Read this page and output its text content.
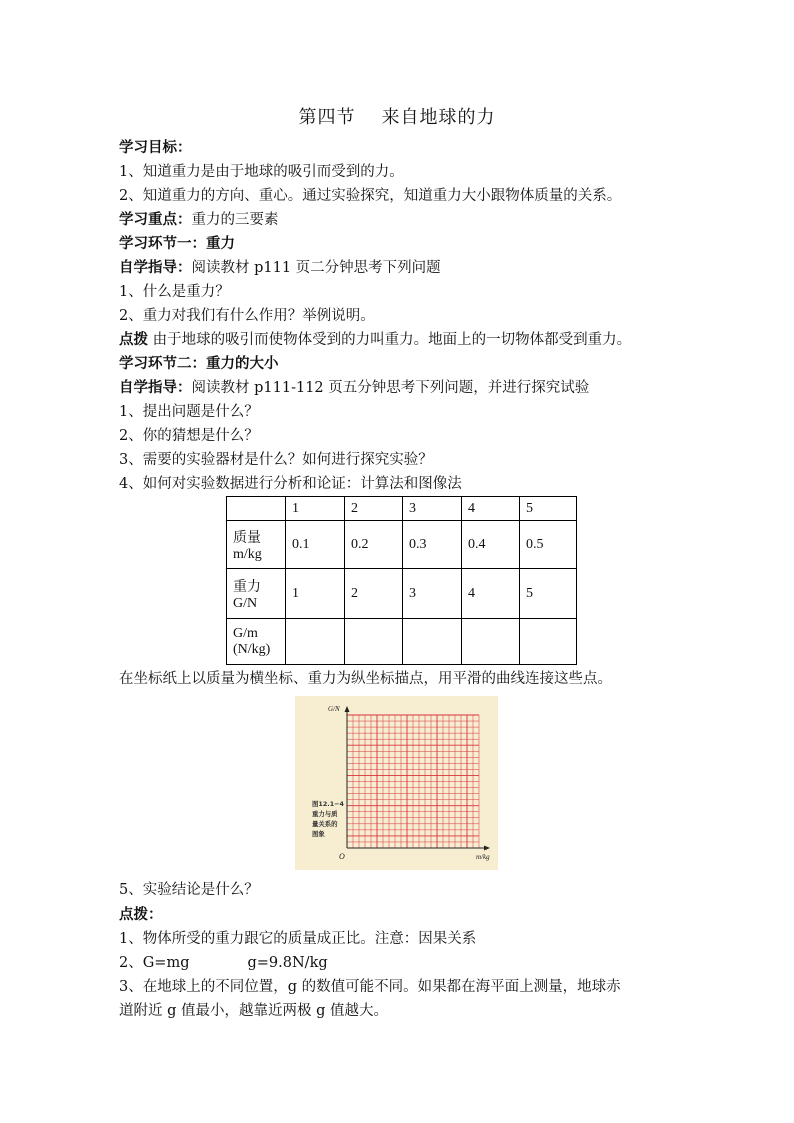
第四节 来自地球的力
学习目标：
1、知道重力是由于地球的吸引而受到的力。
2、知道重力的方向、重心。通过实验探究，知道重力大小跟物体质量的关系。
学习重点：重力的三要素
学习环节一：重力
自学指导：阅读教材 p111 页二分钟思考下列问题
1、什么是重力？
2、重力对我们有什么作用？举例说明。
点拨 由于地球的吸引而使物体受到的力叫重力。地面上的一切物体都受到重力。
学习环节二：重力的大小
自学指导：阅读教材 p111-112 页五分钟思考下列问题，并进行探究试验
1、提出问题是什么？
2、你的猜想是什么？
3、需要的实验器材是什么？如何进行探究实验？
4、如何对实验数据进行分析和论证：计算法和图像法
	1	2	3	4	5

质量
m/kg	0.1	0.2	0.3	0.4	0.5

重力
G/N	1	2	3	4	5

G/m
(N/kg)					

在坐标纸上以质量为横坐标、重力为纵坐标描点，用平滑的曲线连接这些点。
G/N
m/kg
O
图12.1−4
重力与质
量关系的
图象
5、实验结论是什么？
点拨：
1、物体所受的重力跟它的质量成正比。注意：因果关系
2、G=mg	g=9.8N/kg
3、在地球上的不同位置，g 的数值可能不同。如果都在海平面上测量，地球赤
道附近 g 值最小，越靠近两极 g 值越大。
